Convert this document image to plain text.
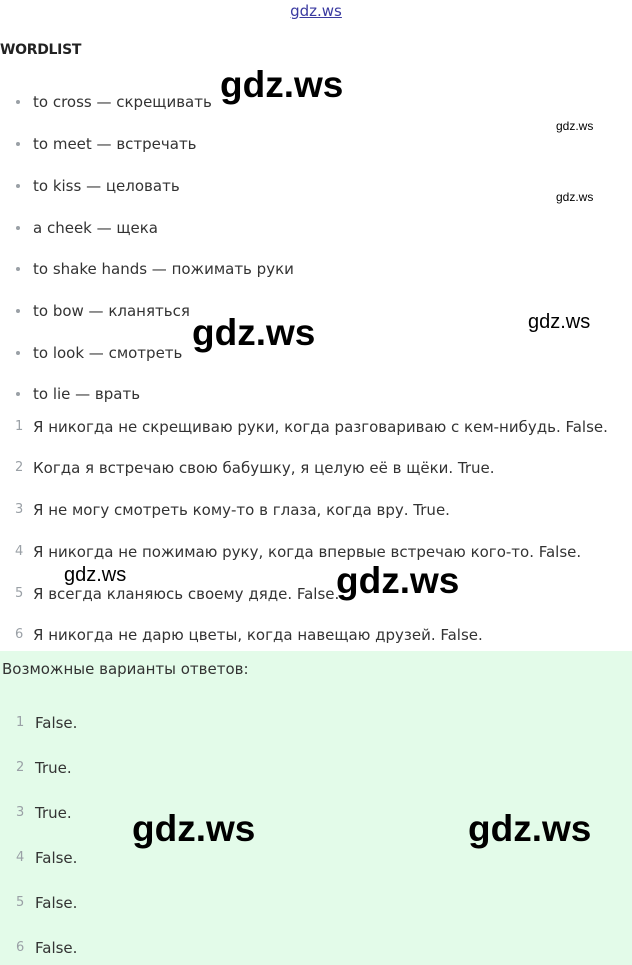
gdz.ws
WORDLIST
to cross — скрещивать
to meet — встречать
to kiss — целовать
a cheek — щека
to shake hands — пожимать руки
to bow — кланяться
to look — смотреть
to lie — врать
1 Я никогда не скрещиваю руки, когда разговариваю с кем-нибудь. False.
2 Когда я встречаю свою бабушку, я целую её в щёки. True.
3 Я не могу смотреть кому-то в глаза, когда вру. True.
4 Я никогда не пожимаю руку, когда впервые встречаю кого-то. False.
5 Я всегда кланяюсь своему дяде. False.
6 Я никогда не дарю цветы, когда навещаю друзей. False.
Возможные варианты ответов:
1 False.
2 True.
3 True.
4 False.
5 False.
6 False.
gdz.ws
gdz.ws
gdz.ws
gdz.ws	gdz.ws
gdz.ws	gdz.ws
gdz.ws	gdz.ws
